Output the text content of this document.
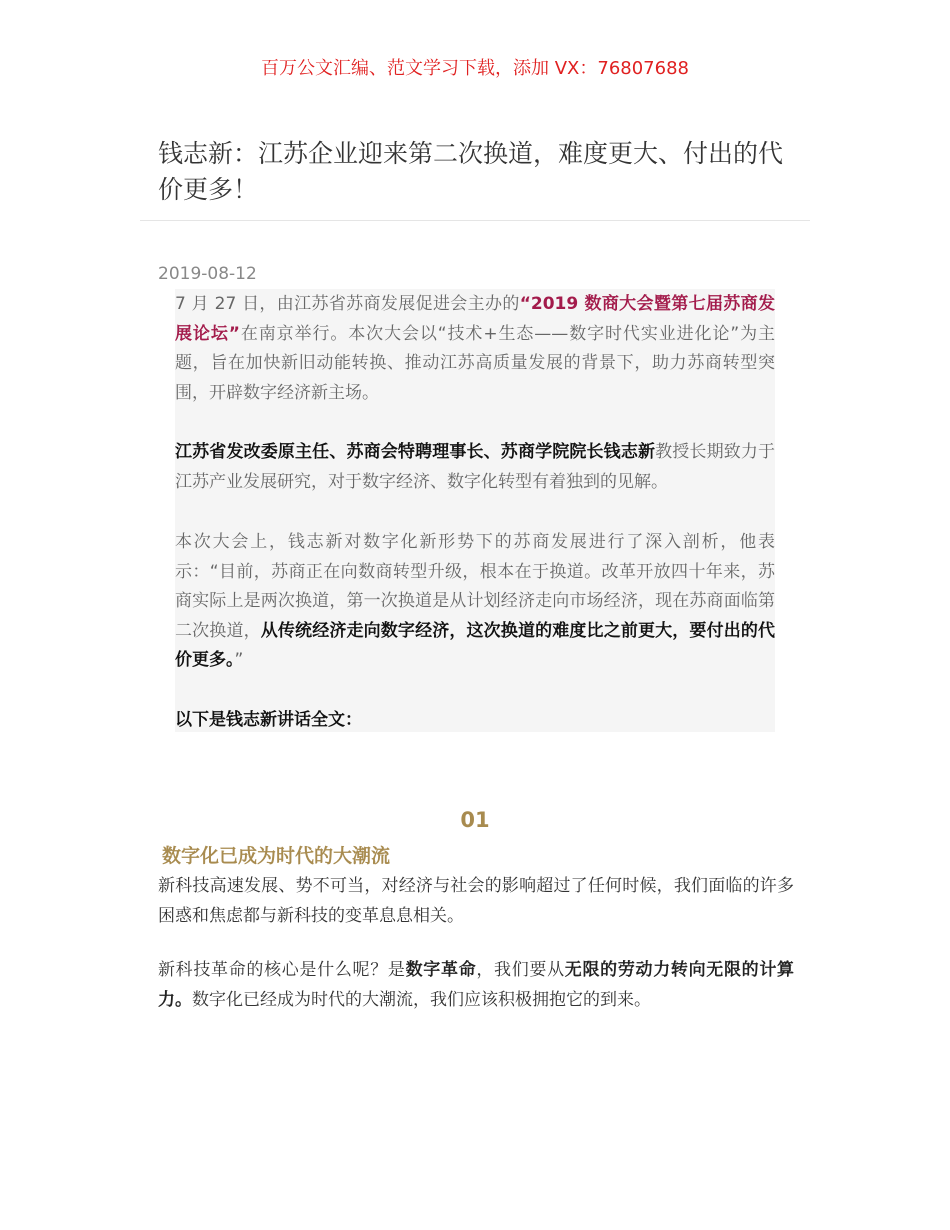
百万公文汇编、范文学习下载，添加 VX：76807688
钱志新：江苏企业迎来第二次换道，难度更大、付出的代价更多！
2019-08-12

7 月 27 日，由江苏省苏商发展促进会主办的“2019 数商大会暨第七届苏商发展论坛”在南京举行。本次大会以“技术+生态——数字时代实业进化论”为主题，旨在加快新旧动能转换、推动江苏高质量发展的背景下，助力苏商转型突围，开辟数字经济新主场。

江苏省发改委原主任、苏商会特聘理事长、苏商学院院长钱志新教授长期致力于江苏产业发展研究，对于数字经济、数字化转型有着独到的见解。

本次大会上，钱志新对数字化新形势下的苏商发展进行了深入剖析，他表示：“目前，苏商正在向数商转型升级，根本在于换道。改革开放四十年来，苏商实际上是两次换道，第一次换道是从计划经济走向市场经济，现在苏商面临第二次换道，从传统经济走向数字经济，这次换道的难度比之前更大，要付出的代价更多。”

以下是钱志新讲话全文：

01
数字化已成为时代的大潮流

新科技高速发展、势不可当，对经济与社会的影响超过了任何时候，我们面临的许多困惑和焦虑都与新科技的变革息息相关。

新科技革命的核心是什么呢？是数字革命，我们要从无限的劳动力转向无限的计算力。数字化已经成为时代的大潮流，我们应该积极拥抱它的到来。
